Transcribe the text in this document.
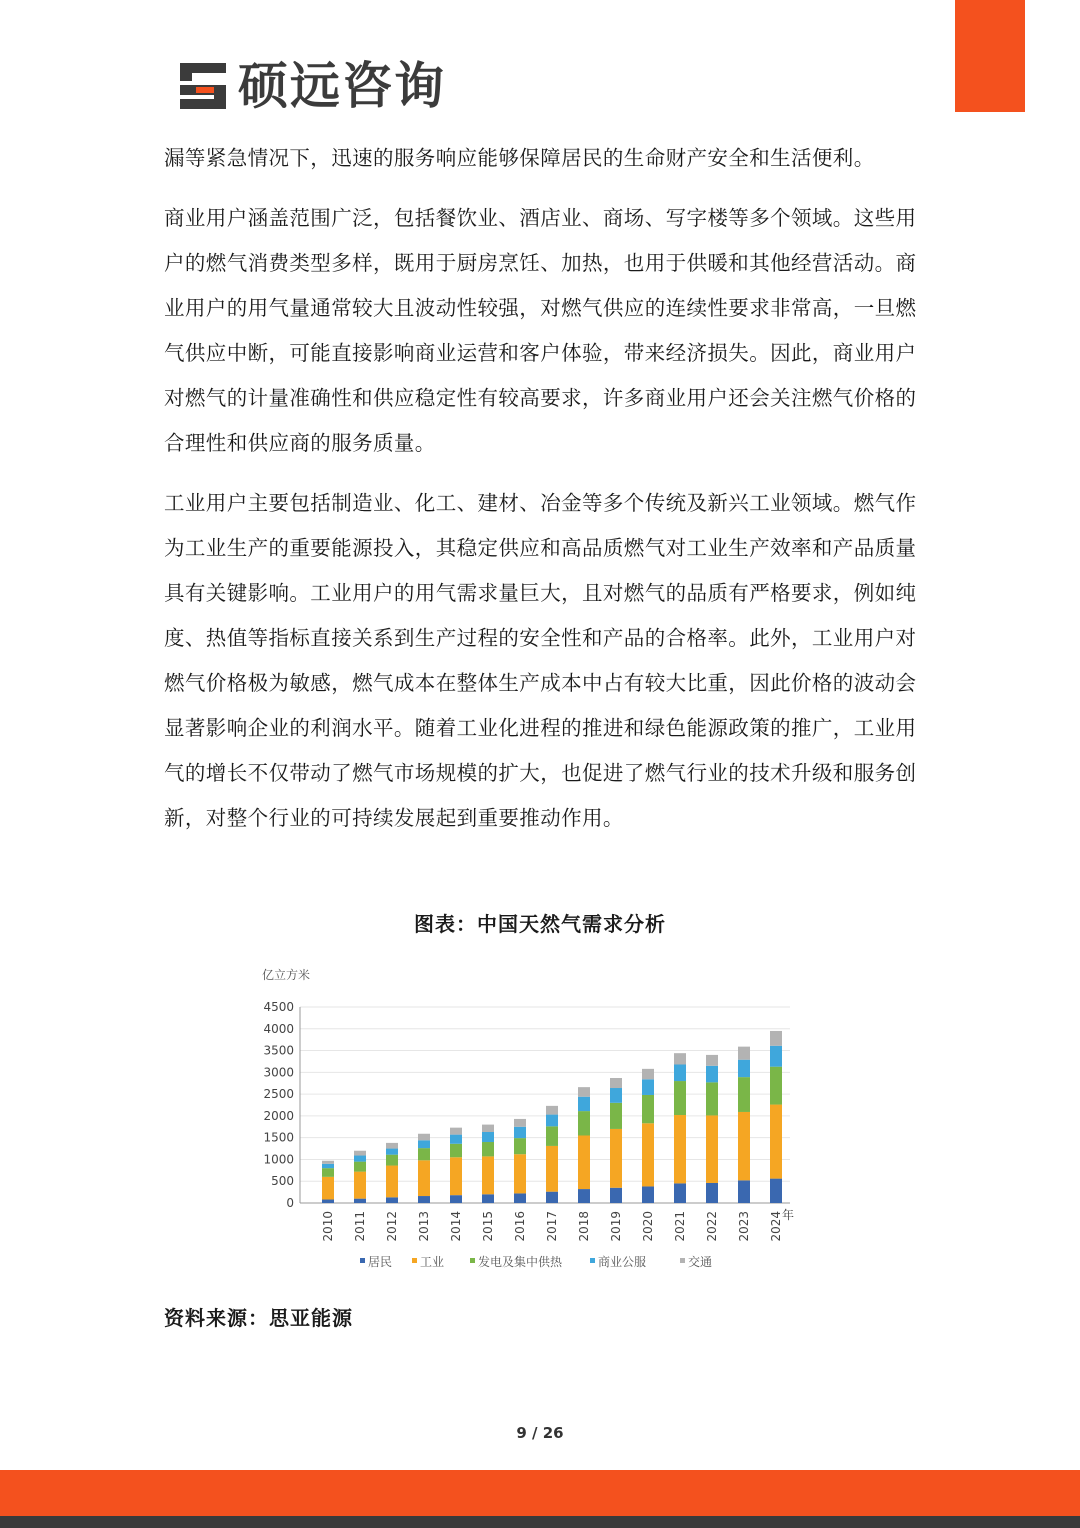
硕远咨询

漏等紧急情况下，迅速的服务响应能够保障居民的生命财产安全和生活便利。

商业用户涵盖范围广泛，包括餐饮业、酒店业、商场、写字楼等多个领域。这些用户的燃气消费类型多样，既用于厨房烹饪、加热，也用于供暖和其他经营活动。商业用户的用气量通常较大且波动性较强，对燃气供应的连续性要求非常高，一旦燃气供应中断，可能直接影响商业运营和客户体验，带来经济损失。因此，商业用户对燃气的计量准确性和供应稳定性有较高要求，许多商业用户还会关注燃气价格的合理性和供应商的服务质量。

工业用户主要包括制造业、化工、建材、冶金等多个传统及新兴工业领域。燃气作为工业生产的重要能源投入，其稳定供应和高品质燃气对工业生产效率和产品质量具有关键影响。工业用户的用气需求量巨大，且对燃气的品质有严格要求，例如纯度、热值等指标直接关系到生产过程的安全性和产品的合格率。此外，工业用户对燃气价格极为敏感，燃气成本在整体生产成本中占有较大比重，因此价格的波动会显著影响企业的利润水平。随着工业化进程的推进和绿色能源政策的推广，工业用气的增长不仅带动了燃气市场规模的扩大，也促进了燃气行业的技术升级和服务创新，对整个行业的可持续发展起到重要推动作用。

图表：中国天然气需求分析
亿立方米
0
500
1000
1500
2000
2500
3000
3500
4000
4500
2010 2011 2012 2013 2014 2015 2016 2017 2018 2019 2020 2021 2022 2023 2024 年
居民 工业	发电及集中供热	商业公服	交通
资料来源：思亚能源
9 / 26
